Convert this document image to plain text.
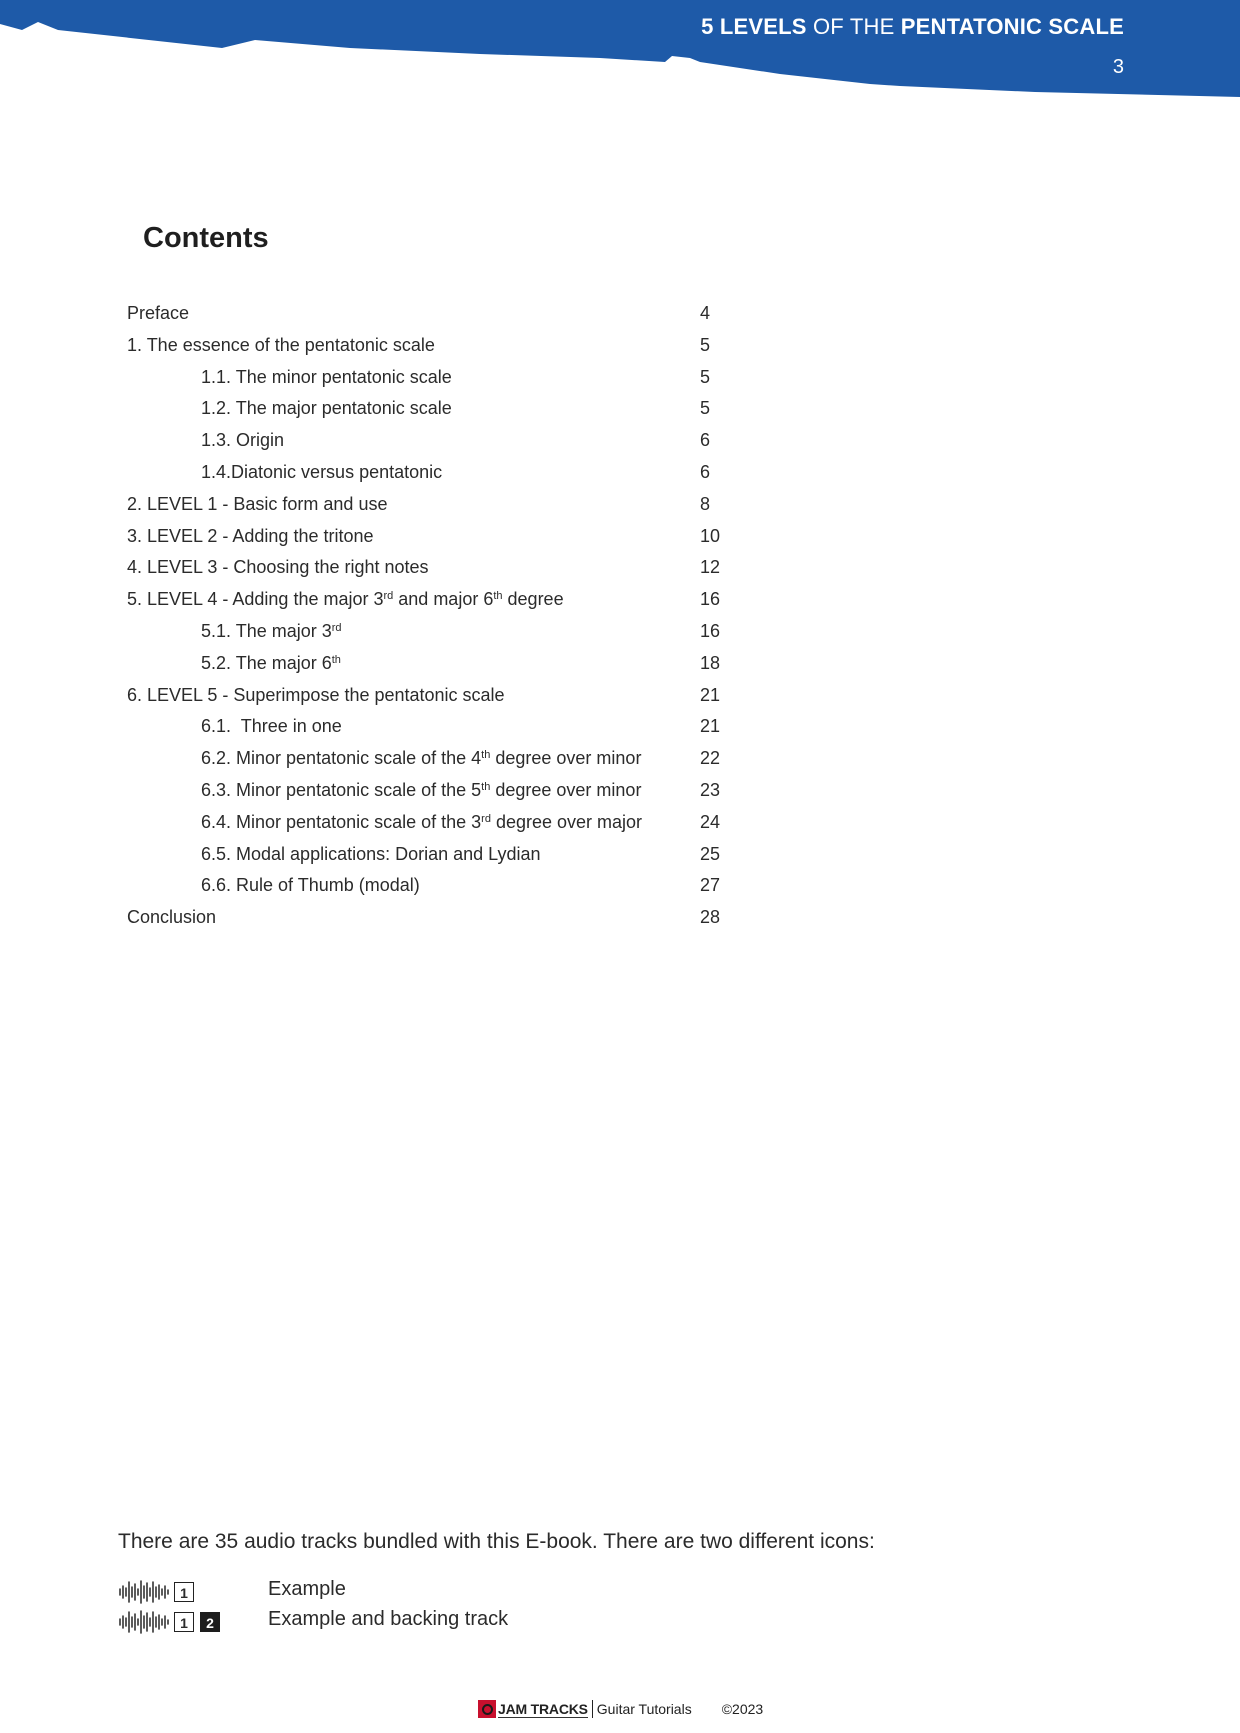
5 LEVELS OF THE PENTATONIC SCALE
3
Contents
Preface	4
1. The essence of the pentatonic scale	5
1.1. The minor pentatonic scale	5
1.2. The major pentatonic scale	5
1.3. Origin	6
1.4.Diatonic versus pentatonic	6
2. LEVEL 1 - Basic form and use	8
3. LEVEL 2 - Adding the tritone	10
4. LEVEL 3 - Choosing the right notes	12
5. LEVEL 4 - Adding the major 3rd and major 6th degree	16
5.1. The major 3rd	16
5.2. The major 6th	18
6. LEVEL 5 - Superimpose the pentatonic scale	21
6.1.  Three in one	21
6.2. Minor pentatonic scale of the 4th degree over minor	22
6.3. Minor pentatonic scale of the 5th degree over minor	23
6.4. Minor pentatonic scale of the 3rd degree over major	24
6.5. Modal applications: Dorian and Lydian	25
6.6. Rule of Thumb (modal)	27
Conclusion	28
There are 35 audio tracks bundled with this E-book. There are two different icons:
1	Example
1	2	Example and backing track
JAM TRACKS Guitar Tutorials ©2023
